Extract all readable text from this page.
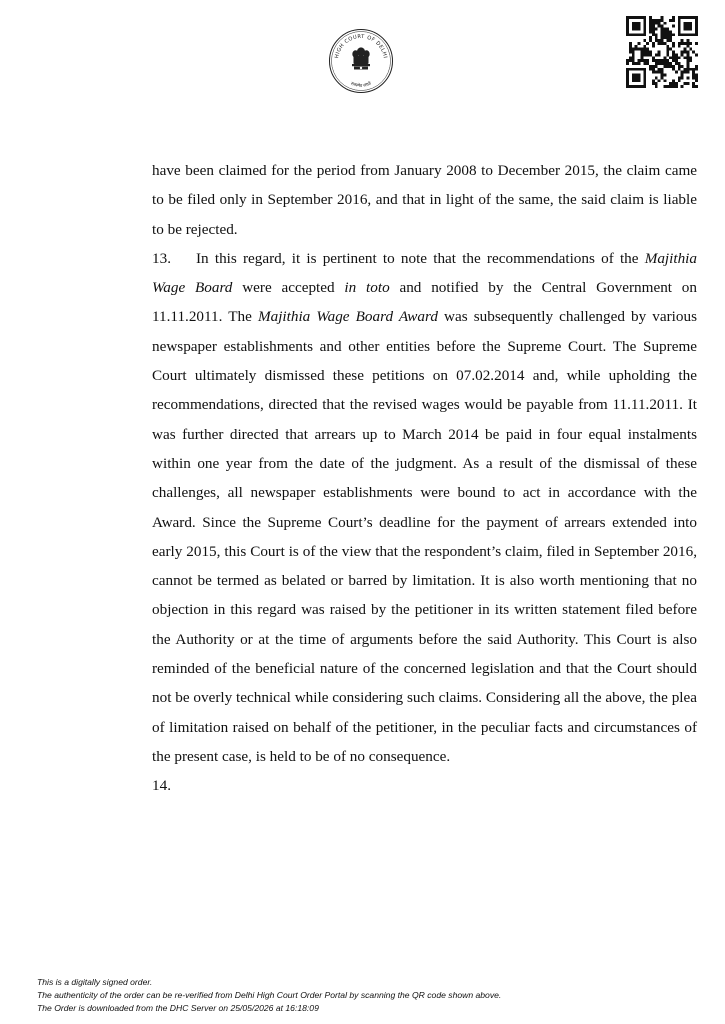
HIGH COURT OF DELHI
सत्यमेव जयते

have been claimed for the period from January 2008 to December 2015, the claim came to be filed only in September 2016, and that in light of the same, the said claim is liable to be rejected.

13. In this regard, it is pertinent to note that the recommendations of the Majithia Wage Board were accepted in toto and notified by the Central Government on 11.11.2011. The Majithia Wage Board Award was subsequently challenged by various newspaper establishments and other entities before the Supreme Court. The Supreme Court ultimately dismissed these petitions on 07.02.2014 and, while upholding the recommendations, directed that the revised wages would be payable from 11.11.2011. It was further directed that arrears up to March 2014 be paid in four equal instalments within one year from the date of the judgment. As a result of the dismissal of these challenges, all newspaper establishments were bound to act in accordance with the Award. Since the Supreme Court’s deadline for the payment of arrears extended into early 2015, this Court is of the view that the respondent’s claim, filed in September 2016, cannot be termed as belated or barred by limitation. It is also worth mentioning that no objection in this regard was raised by the petitioner in its written statement filed before the Authority or at the time of arguments before the said Authority. This Court is also reminded of the beneficial nature of the concerned legislation and that the Court should not be overly technical while considering such claims. Considering all the above, the plea of limitation raised on behalf of the petitioner, in the peculiar facts and circumstances of the present case, is held to be of no consequence.

14.

This is a digitally signed order.
The authenticity of the order can be re-verified from Delhi High Court Order Portal by scanning the QR code shown above.
The Order is downloaded from the DHC Server on 25/05/2026 at 16:18:09
